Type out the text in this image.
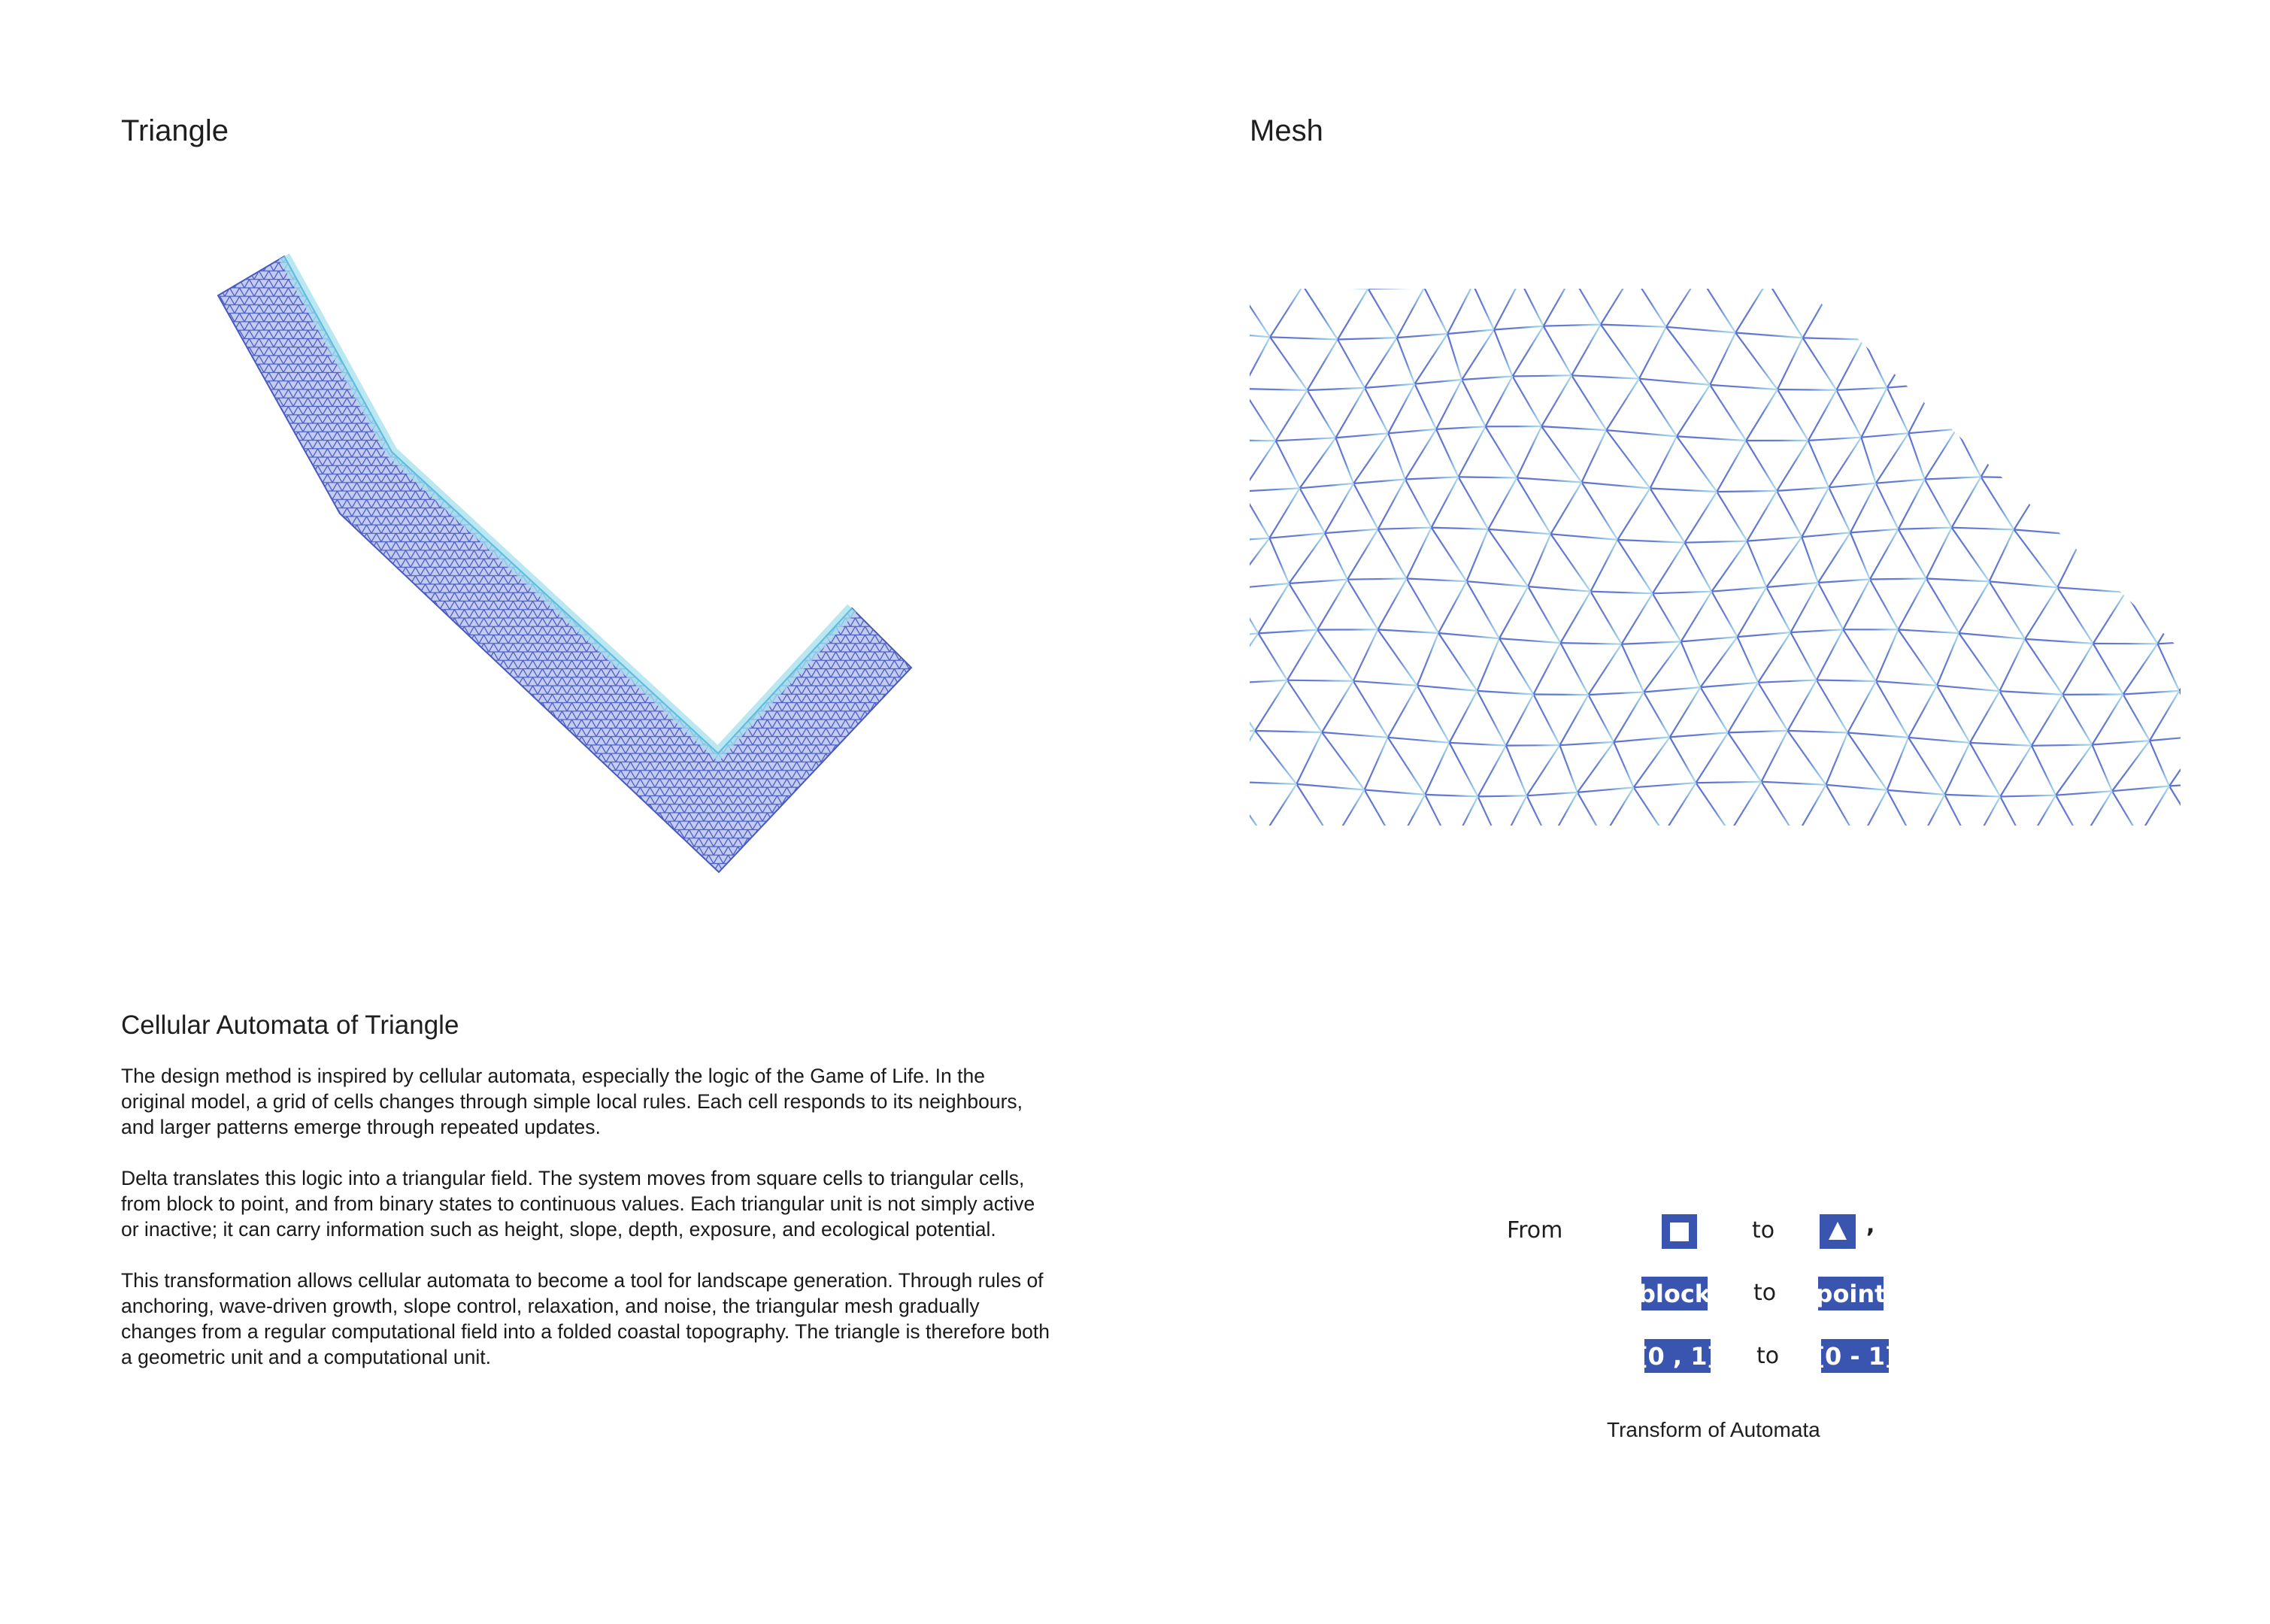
Triangle
Cellular Automata of Triangle

The design method is inspired by cellular automata, especially the logic of the Game of Life. In the original model, a grid of cells changes through simple local rules. Each cell responds to its neighbours, and larger patterns emerge through repeated updates.

Delta translates this logic into a triangular field. The system moves from square cells to triangular cells, from block to point, and from binary states to continuous values. Each triangular unit is not simply active or inactive; it can carry information such as height, slope, depth, exposure, and ecological potential.

This transformation allows cellular automata to become a tool for landscape generation. Through rules of anchoring, wave-driven growth, slope control, relaxation, and noise, the triangular mesh gradually changes from a regular computational field into a folded coastal topography. The triangle is therefore both a geometric unit and a computational unit.

Mesh
From	to	,
block to point
[0 , 1] to [0 - 1]
Transform of Automata
